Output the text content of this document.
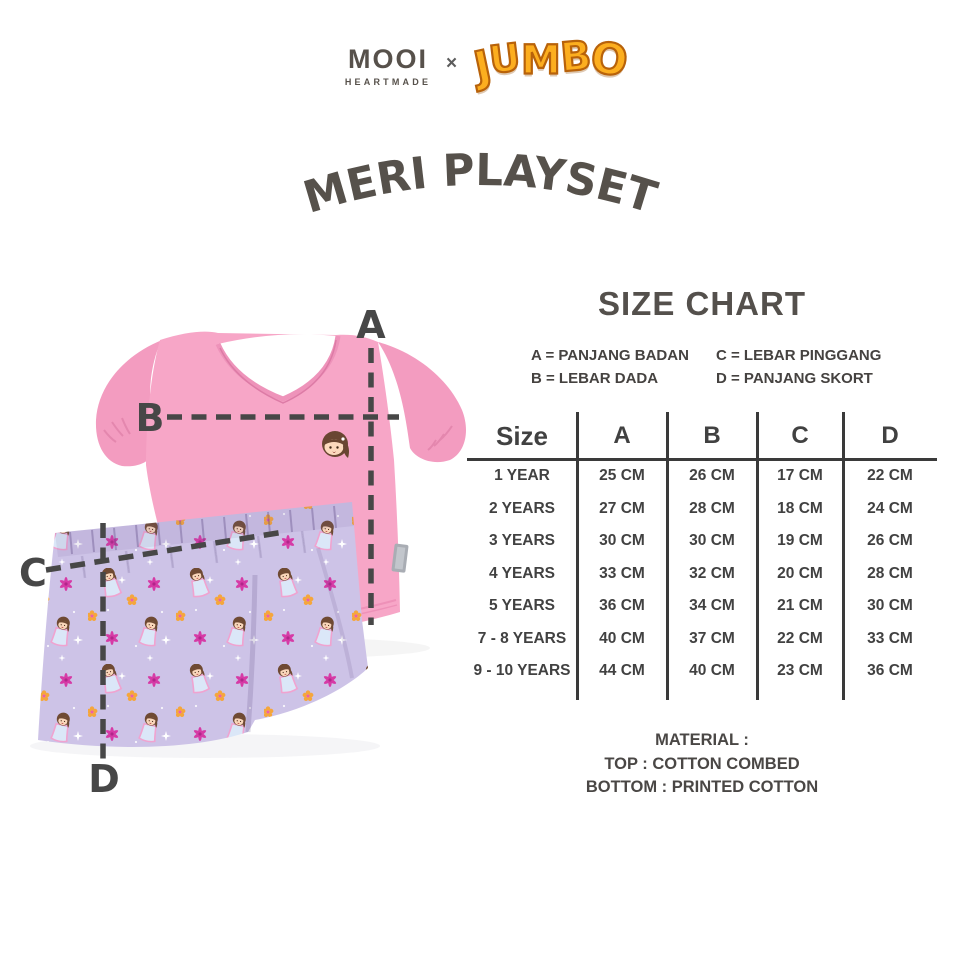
MOOI
HEARTMADE
× J
U
M
B
O
MERI PLAYSET
A
B
C
D
SIZE CHART
A = PANJANG BADAN
B = LEBAR DADA
C = LEBAR PINGGANG
D = PANJANG SKORT
Size	A	B	C	D
1 YEAR	25 CM	26 CM	17 CM	22 CM
2 YEARS	27 CM	28 CM	18 CM	24 CM
3 YEARS	30 CM	30 CM	19 CM	26 CM
4 YEARS	33 CM	32 CM	20 CM	28 CM
5 YEARS	36 CM	34 CM	21 CM	30 CM
7 - 8 YEARS	40 CM	37 CM	22 CM	33 CM
9 - 10 YEARS	44 CM	40 CM	23 CM	36 CM
MATERIAL :
TOP : COTTON COMBED
BOTTOM : PRINTED COTTON
